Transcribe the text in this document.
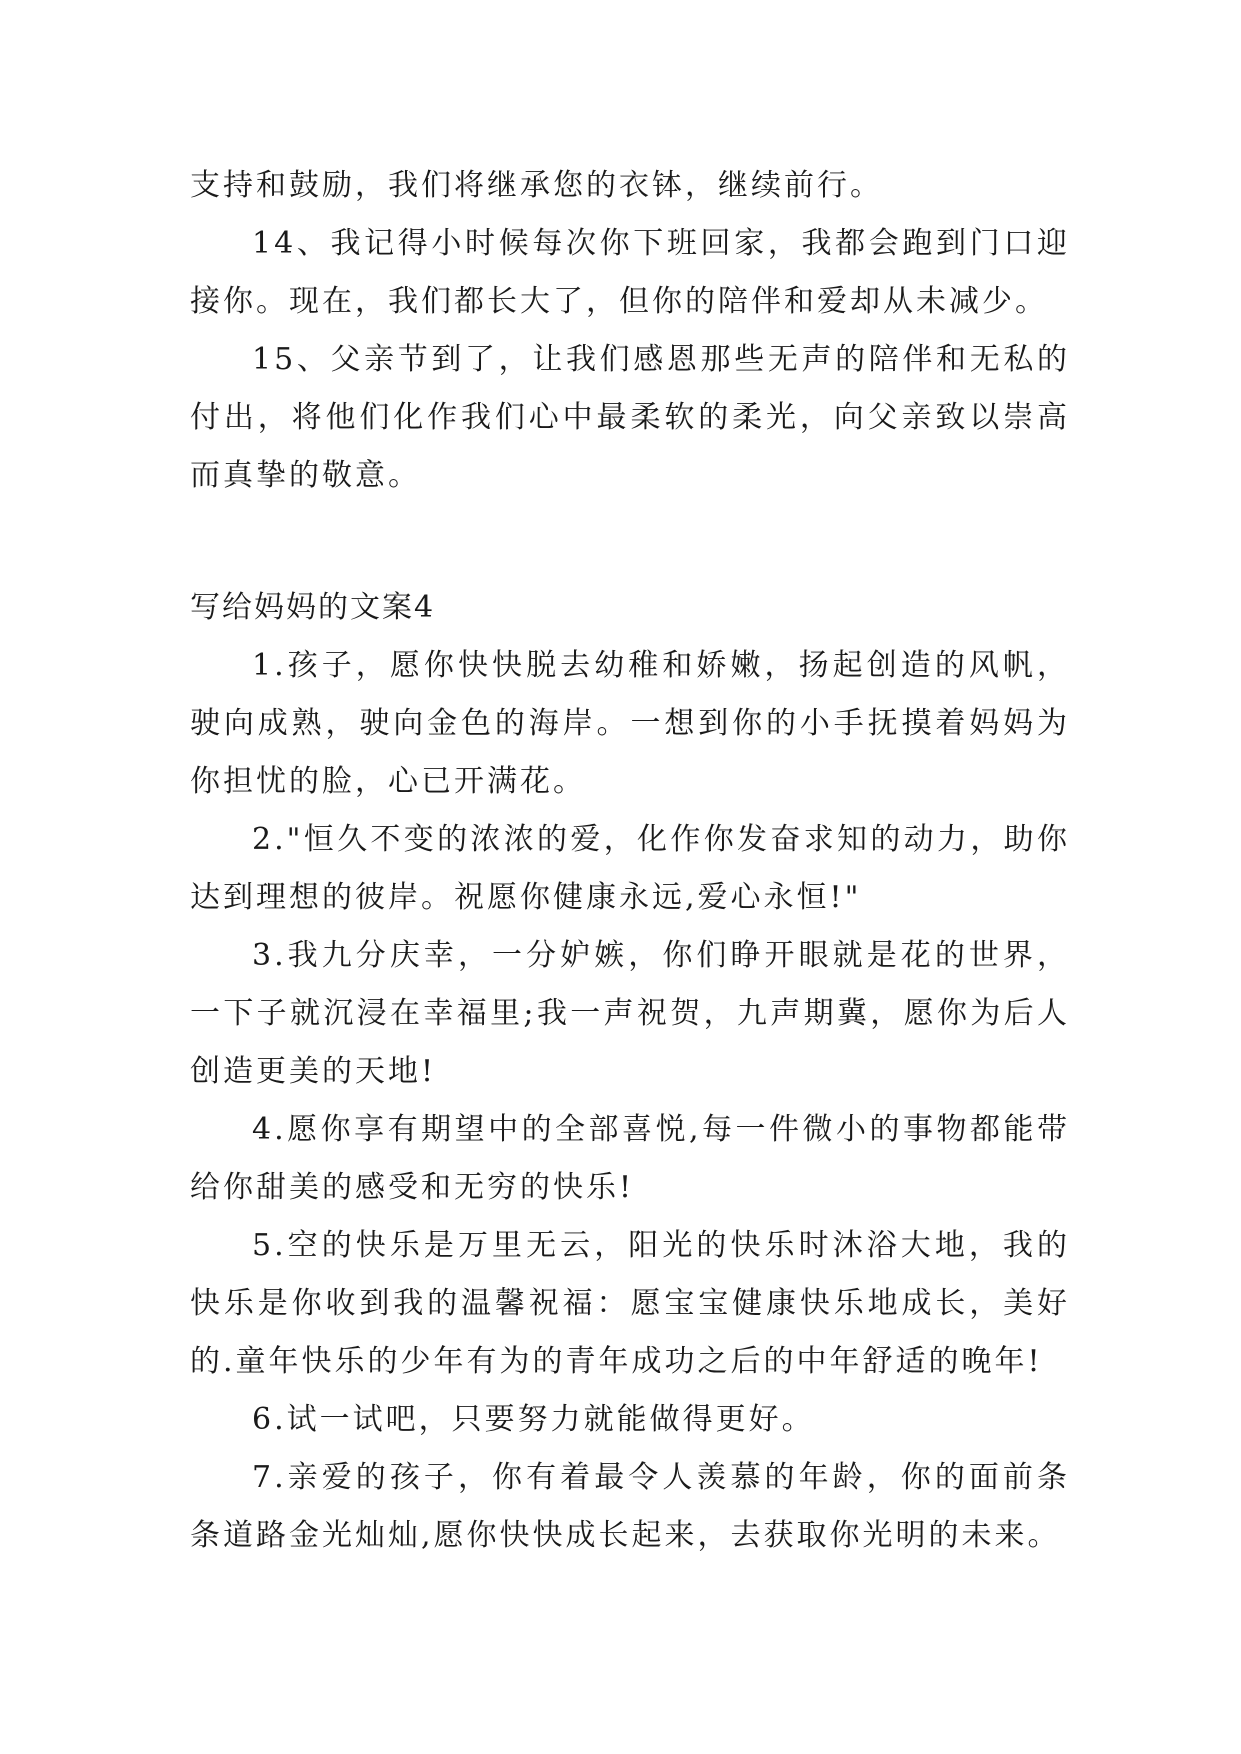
支持和鼓励，我们将继承您的衣钵，继续前行。

14、我记得小时候每次你下班回家，我都会跑到门口迎接你。现在，我们都长大了，但你的陪伴和爱却从未减少。

15、父亲节到了，让我们感恩那些无声的陪伴和无私的付出，将他们化作我们心中最柔软的柔光，向父亲致以崇高而真挚的敬意。

写给妈妈的文案4

1.孩子，愿你快快脱去幼稚和娇嫩，扬起创造的风帆，驶向成熟，驶向金色的海岸。一想到你的小手抚摸着妈妈为你担忧的脸，心已开满花。

2."恒久不变的浓浓的爱，化作你发奋求知的动力，助你达到理想的彼岸。祝愿你健康永远,爱心永恒!"

3.我九分庆幸，一分妒嫉，你们睁开眼就是花的世界，一下子就沉浸在幸福里;我一声祝贺，九声期冀，愿你为后人创造更美的天地!

4.愿你享有期望中的全部喜悦,每一件微小的事物都能带给你甜美的感受和无穷的快乐!

5.空的快乐是万里无云，阳光的快乐时沐浴大地，我的快乐是你收到我的温馨祝福：愿宝宝健康快乐地成长，美好的.童年快乐的少年有为的青年成功之后的中年舒适的晚年!

6.试一试吧，只要努力就能做得更好。

7.亲爱的孩子，你有着最令人羡慕的年龄，你的面前条条道路金光灿灿,愿你快快成长起来，去获取你光明的未来。
